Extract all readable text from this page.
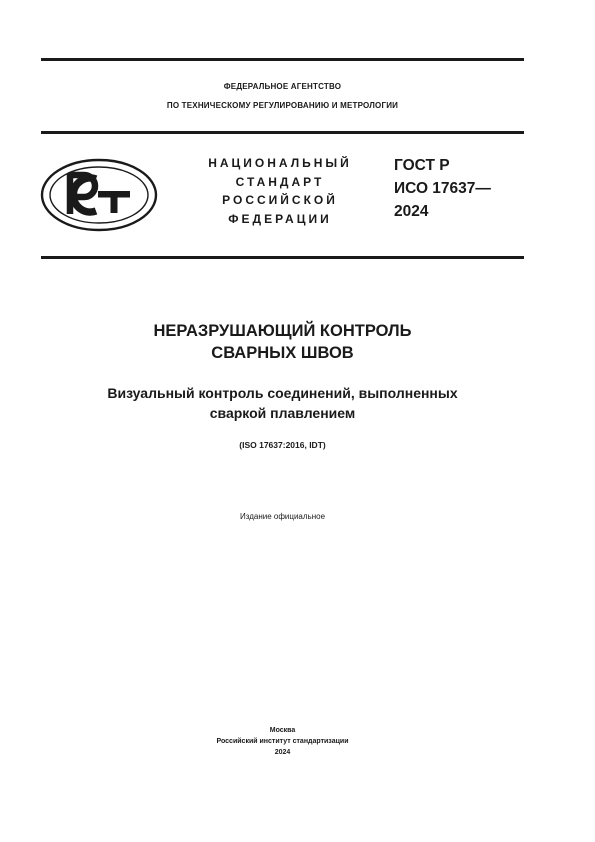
ФЕДЕРАЛЬНОЕ АГЕНТСТВО
ПО ТЕХНИЧЕСКОМУ РЕГУЛИРОВАНИЮ И МЕТРОЛОГИИ
НАЦИОНАЛЬНЫЙ
СТАНДАРТ
РОССИЙСКОЙ
ФЕДЕРАЦИИ
ГОСТ Р
ИСО 17637—
2024
НЕРАЗРУШАЮЩИЙ КОНТРОЛЬ
СВАРНЫХ ШВОВ
Визуальный контроль соединений, выполненных
сваркой плавлением
(ISO 17637:2016, IDT)
Издание официальное
Москва
Российский институт стандартизации
2024
